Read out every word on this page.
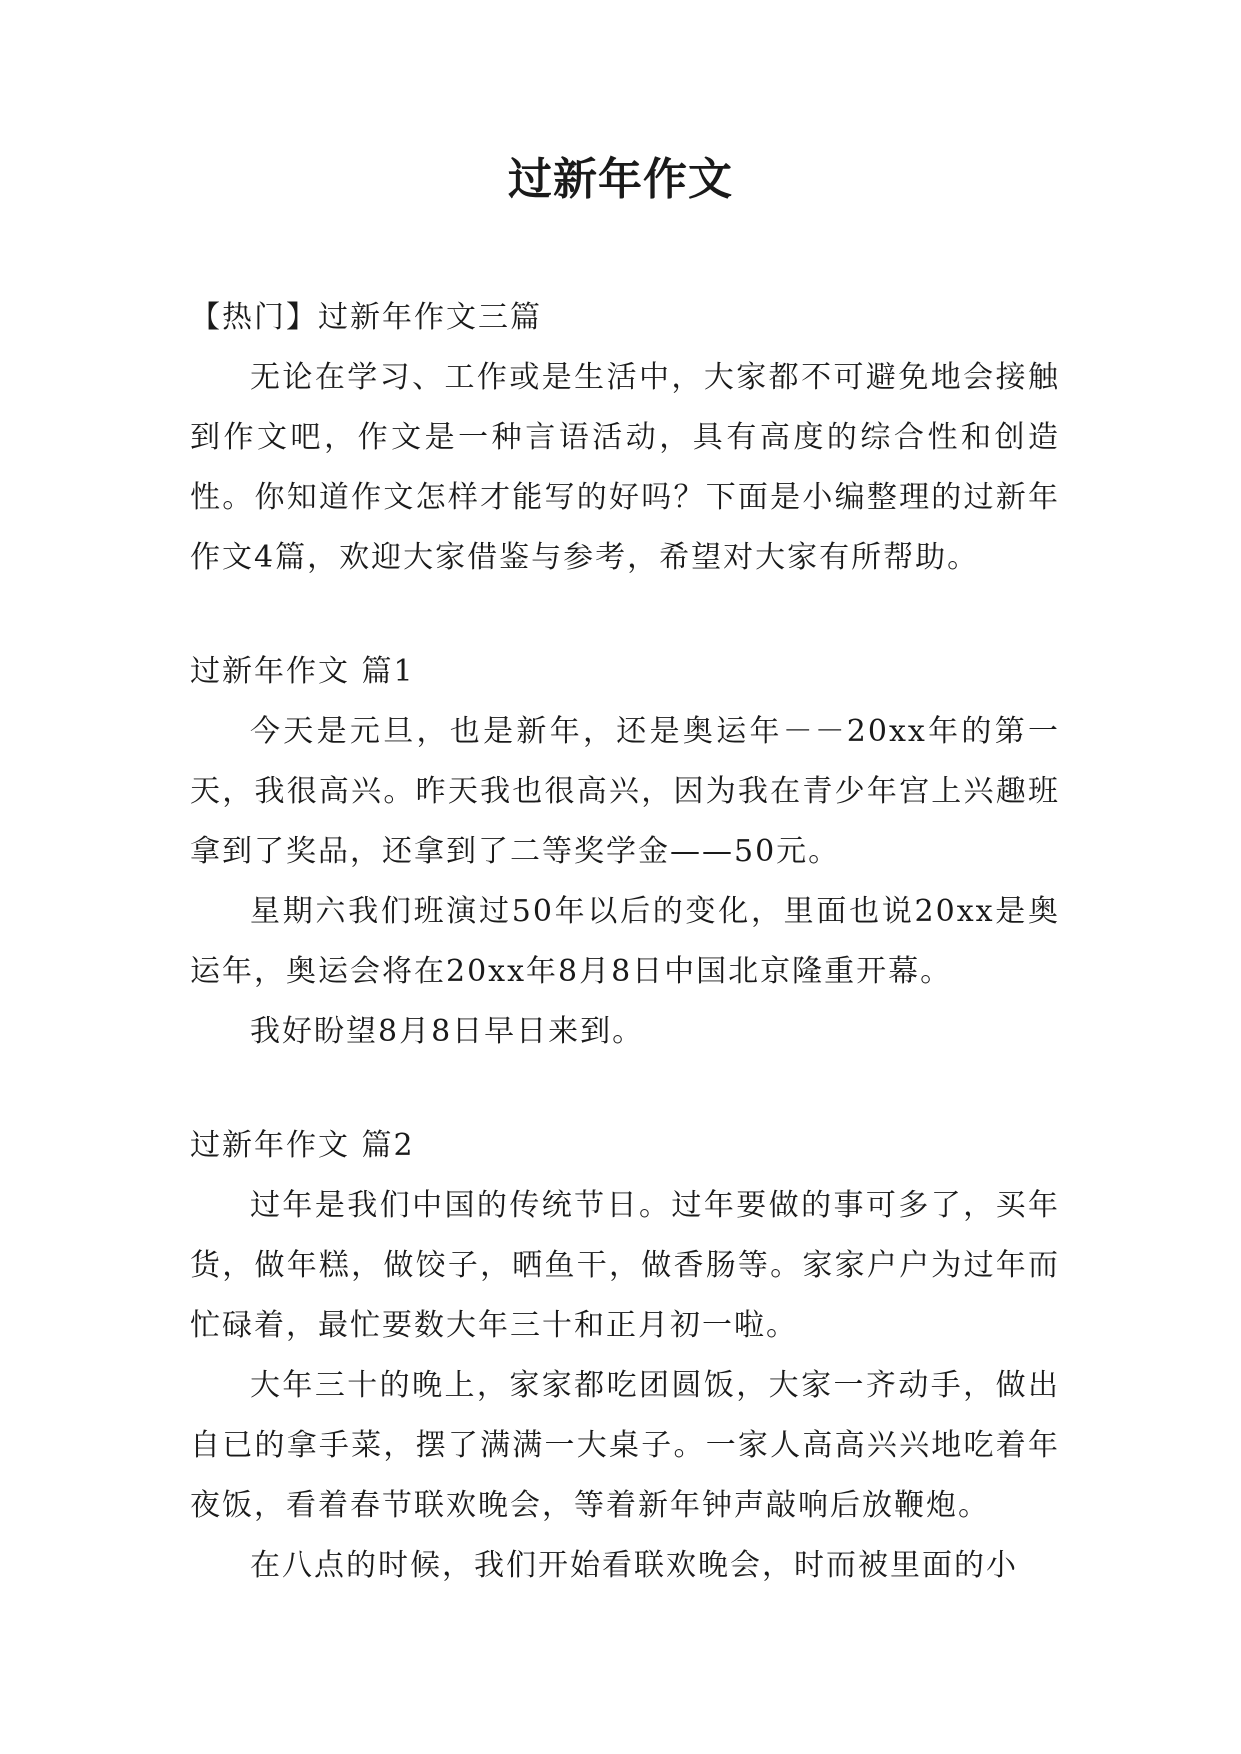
过新年作文

【热门】过新年作文三篇

无论在学习、工作或是生活中，大家都不可避免地会接触到作文吧，作文是一种言语活动，具有高度的综合性和创造性。你知道作文怎样才能写的好吗？下面是小编整理的过新年作文4篇，欢迎大家借鉴与参考，希望对大家有所帮助。

过新年作文 篇1

今天是元旦，也是新年，还是奥运年－－20xx年的第一天，我很高兴。昨天我也很高兴，因为我在青少年宫上兴趣班拿到了奖品，还拿到了二等奖学金——50元。

星期六我们班演过50年以后的变化，里面也说20xx是奥运年，奥运会将在20xx年8月8日中国北京隆重开幕。

我好盼望8月8日早日来到。

过新年作文 篇2

过年是我们中国的传统节日。过年要做的事可多了，买年货，做年糕，做饺子，晒鱼干，做香肠等。家家户户为过年而忙碌着，最忙要数大年三十和正月初一啦。

大年三十的晚上，家家都吃团圆饭，大家一齐动手，做出自已的拿手菜，摆了满满一大桌子。一家人高高兴兴地吃着年夜饭，看着春节联欢晚会，等着新年钟声敲响后放鞭炮。

在八点的时候，我们开始看联欢晚会，时而被里面的小
